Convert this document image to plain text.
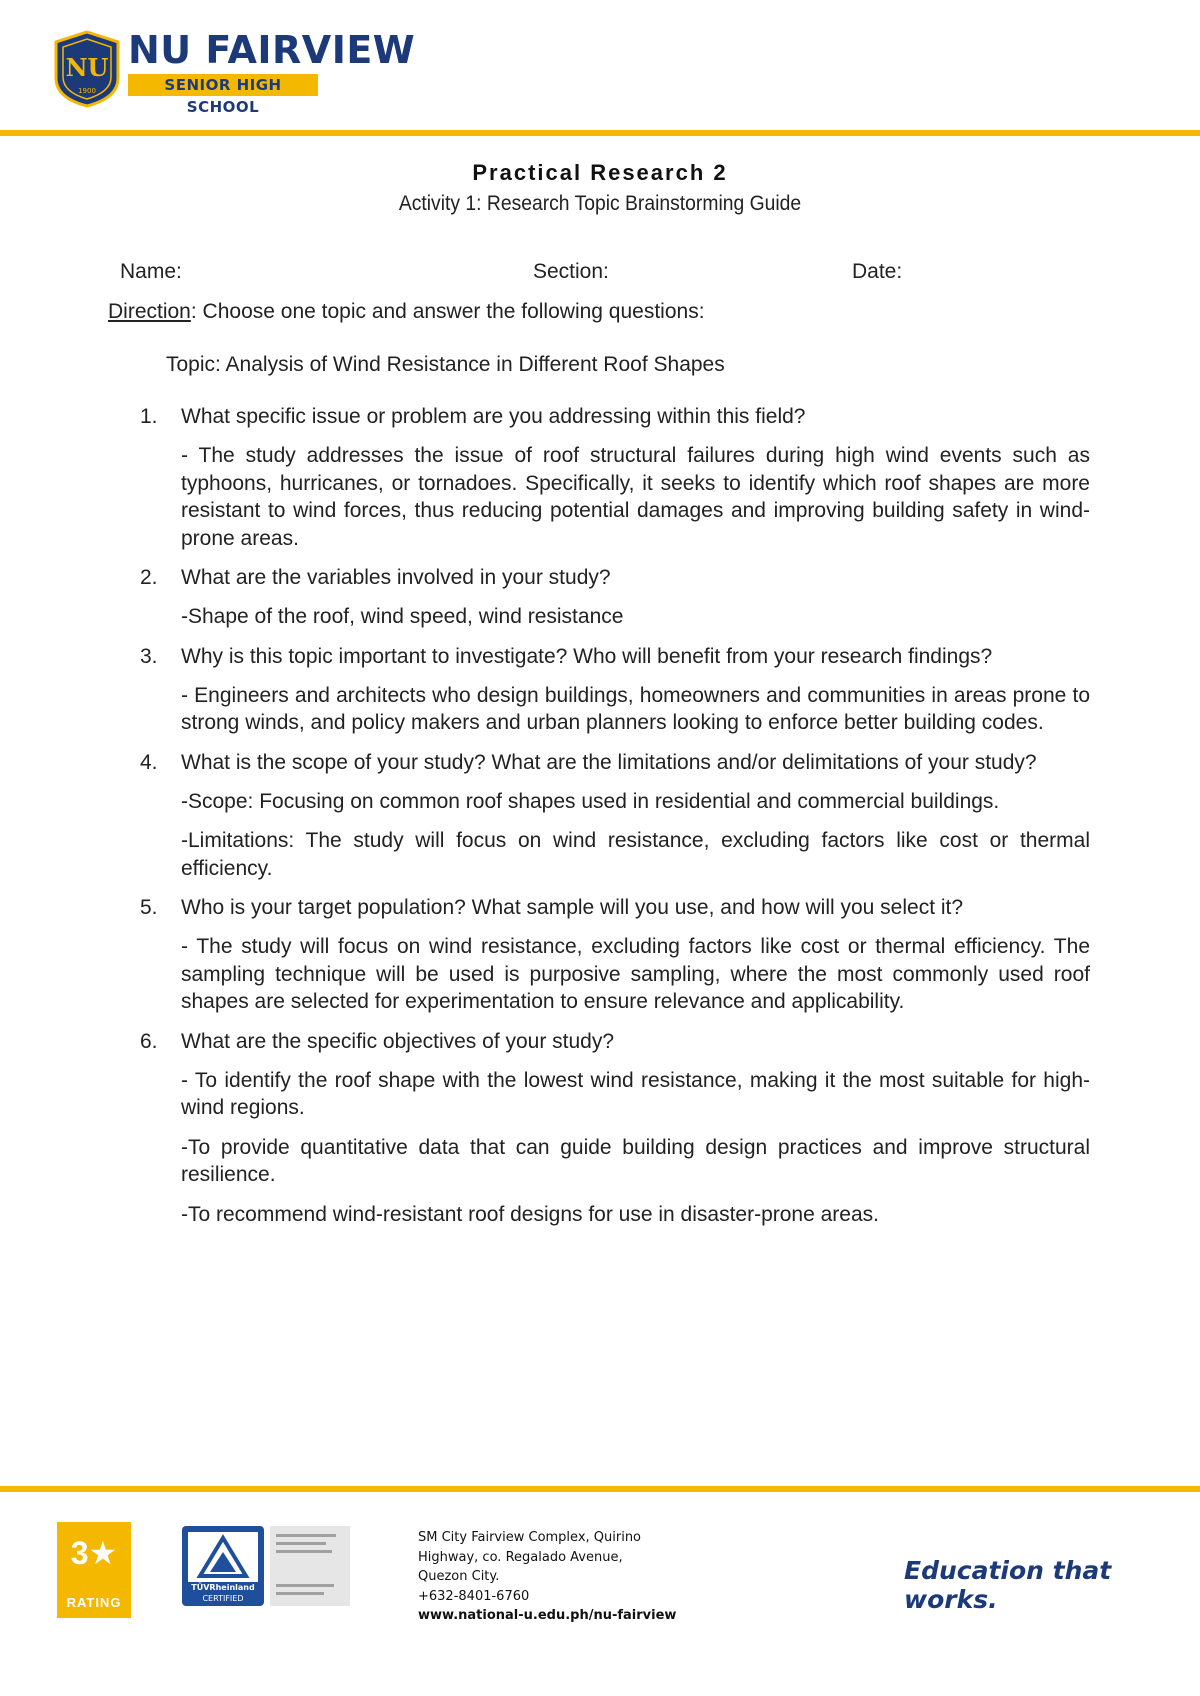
NU
1900
NU FAIRVIEW
SENIOR HIGH SCHOOL
Practical Research 2
Activity 1: Research Topic Brainstorming Guide
Name:	Section:	Date:
Direction: Choose one topic and answer the following questions:
Topic: Analysis of Wind Resistance in Different Roof Shapes
1.	What specific issue or problem are you addressing within this field?
- The study addresses the issue of roof structural failures during high wind events such as typhoons, hurricanes, or tornadoes. Specifically, it seeks to identify which roof shapes are more resistant to wind forces, thus reducing potential damages and improving building safety in wind-prone areas.
2.	What are the variables involved in your study?
-Shape of the roof, wind speed, wind resistance
3.	Why is this topic important to investigate? Who will benefit from your research findings?
- Engineers and architects who design buildings, homeowners and communities in areas prone to strong winds, and policy makers and urban planners looking to enforce better building codes.
4.	What is the scope of your study? What are the limitations and/or delimitations of your study?
-Scope: Focusing on common roof shapes used in residential and commercial buildings.
-Limitations: The study will focus on wind resistance, excluding factors like cost or thermal efficiency.
5.	Who is your target population? What sample will you use, and how will you select it?
- The study will focus on wind resistance, excluding factors like cost or thermal efficiency. The sampling technique will be used is purposive sampling, where the most commonly used roof shapes are selected for experimentation to ensure relevance and applicability.
6.	What are the specific objectives of your study?
- To identify the roof shape with the lowest wind resistance, making it the most suitable for high-wind regions.
-To provide quantitative data that can guide building design practices and improve structural resilience.
-To recommend wind-resistant roof designs for use in disaster-prone areas.
3★
RATING
TÜVRheinland
CERTIFIED
SM City Fairview Complex, Quirino
Highway, co. Regalado Avenue,
Quezon City.
+632-8401-6760
www.national-u.edu.ph/nu-fairview
Education that works.
